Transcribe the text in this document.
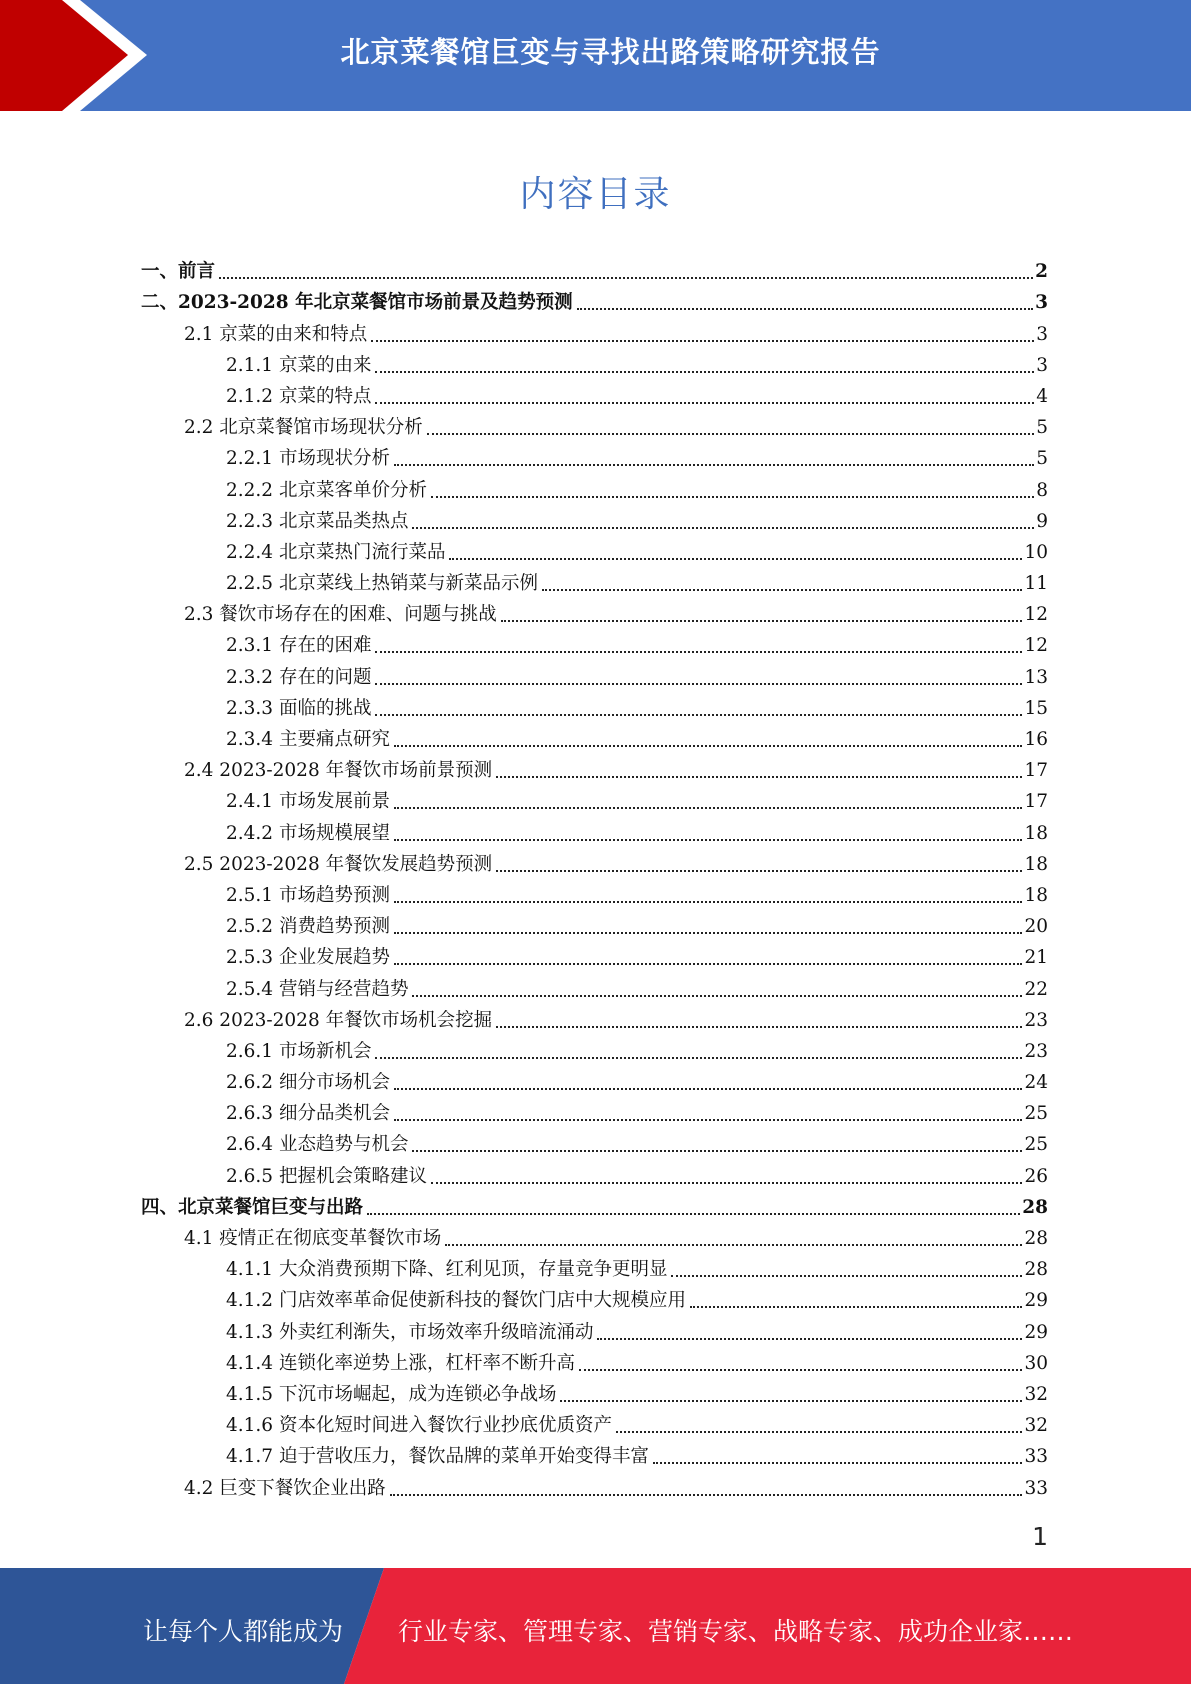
北京菜餐馆巨变与寻找出路策略研究报告
内容目录
一、前言	2
二、2023-2028 年北京菜餐馆市场前景及趋势预测	3
2.1 京菜的由来和特点	3
2.1.1 京菜的由来	3
2.1.2 京菜的特点	4
2.2 北京菜餐馆市场现状分析	5
2.2.1 市场现状分析	5
2.2.2 北京菜客单价分析	8
2.2.3 北京菜品类热点	9
2.2.4 北京菜热门流行菜品	10
2.2.5 北京菜线上热销菜与新菜品示例	11
2.3 餐饮市场存在的困难、问题与挑战	12
2.3.1 存在的困难	12
2.3.2 存在的问题	13
2.3.3 面临的挑战	15
2.3.4 主要痛点研究	16
2.4 2023-2028 年餐饮市场前景预测	17
2.4.1 市场发展前景	17
2.4.2 市场规模展望	18
2.5 2023-2028 年餐饮发展趋势预测	18
2.5.1 市场趋势预测	18
2.5.2 消费趋势预测	20
2.5.3 企业发展趋势	21
2.5.4 营销与经营趋势	22
2.6 2023-2028 年餐饮市场机会挖掘	23
2.6.1 市场新机会	23
2.6.2 细分市场机会	24
2.6.3 细分品类机会	25
2.6.4 业态趋势与机会	25
2.6.5 把握机会策略建议	26
四、北京菜餐馆巨变与出路	28
4.1 疫情正在彻底变革餐饮市场	28
4.1.1 大众消费预期下降、红利见顶，存量竞争更明显	28
4.1.2 门店效率革命促使新科技的餐饮门店中大规模应用	29
4.1.3 外卖红利渐失，市场效率升级暗流涌动	29
4.1.4 连锁化率逆势上涨，杠杆率不断升高	30
4.1.5 下沉市场崛起，成为连锁必争战场	32
4.1.6 资本化短时间进入餐饮行业抄底优质资产	32
4.1.7 迫于营收压力，餐饮品牌的菜单开始变得丰富	33
4.2 巨变下餐饮企业出路	33
1
让每个人都能成为 行业专家、管理专家、营销专家、战略专家、成功企业家……
